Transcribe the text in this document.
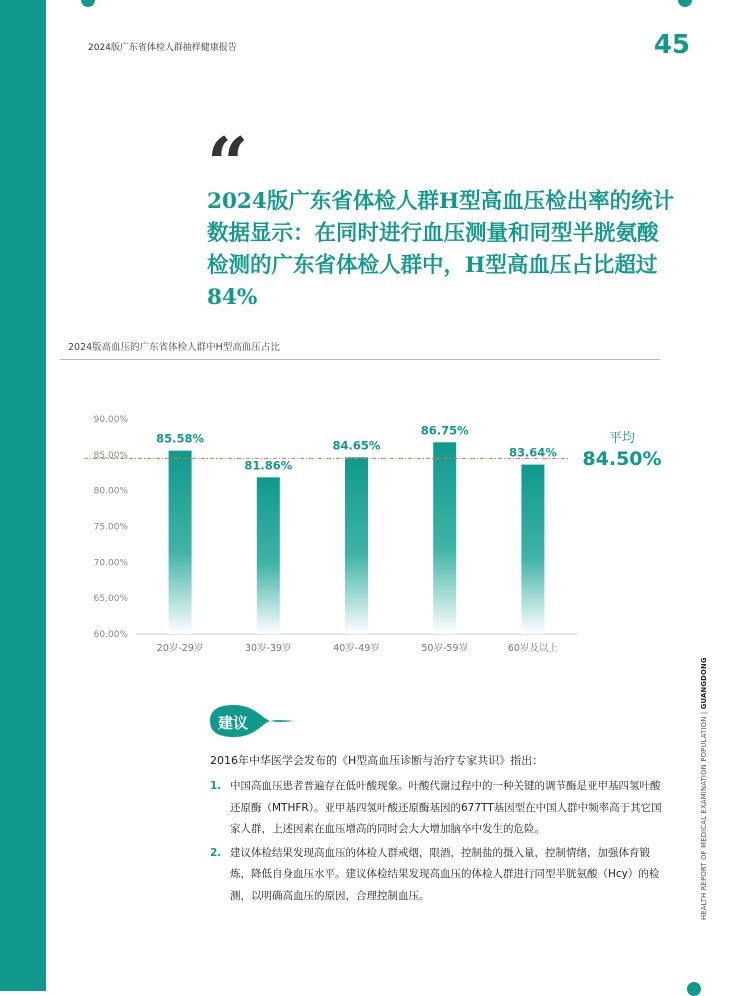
2024版广东省体检人群抽样健康报告	45
“
2024版广东省体检人群H型高血压检出率的统计数据显示：在同时进行血压测量和同型半胱氨酸检测的广东省体检人群中，H型高血压占比超过84%
2024版高血压的广东省体检人群中H型高血压占比
60.00%
65.00%
70.00%
75.00%
80.00%
85.00%
90.00%
85.58%
20岁-29岁
81.86%
30岁-39岁
84.65%
40岁-49岁
86.75%
50岁-59岁
83.64%
60岁及以上
平均
84.50%
HEALTH REPORT OF MEDICAL EXAMINATION POPULATION | GUANGDONG
建议
2016年中华医学会发布的《H型高血压诊断与治疗专家共识》指出：
1. 中国高血压患者普遍存在低叶酸现象。叶酸代谢过程中的一种关键的调节酶是亚甲基四氢叶酸还原酶（MTHFR）。亚甲基四氢叶酸还原酶基因的677TT基因型在中国人群中频率高于其它国家人群，上述因素在血压增高的同时会大大增加脑卒中发生的危险。
2. 建议体检结果发现高血压的体检人群戒烟，限酒，控制盐的摄入量，控制情绪，加强体育锻炼，降低自身血压水平。建议体检结果发现高血压的体检人群进行同型半胱氨酸（Hcy）的检测，以明确高血压的原因，合理控制血压。
